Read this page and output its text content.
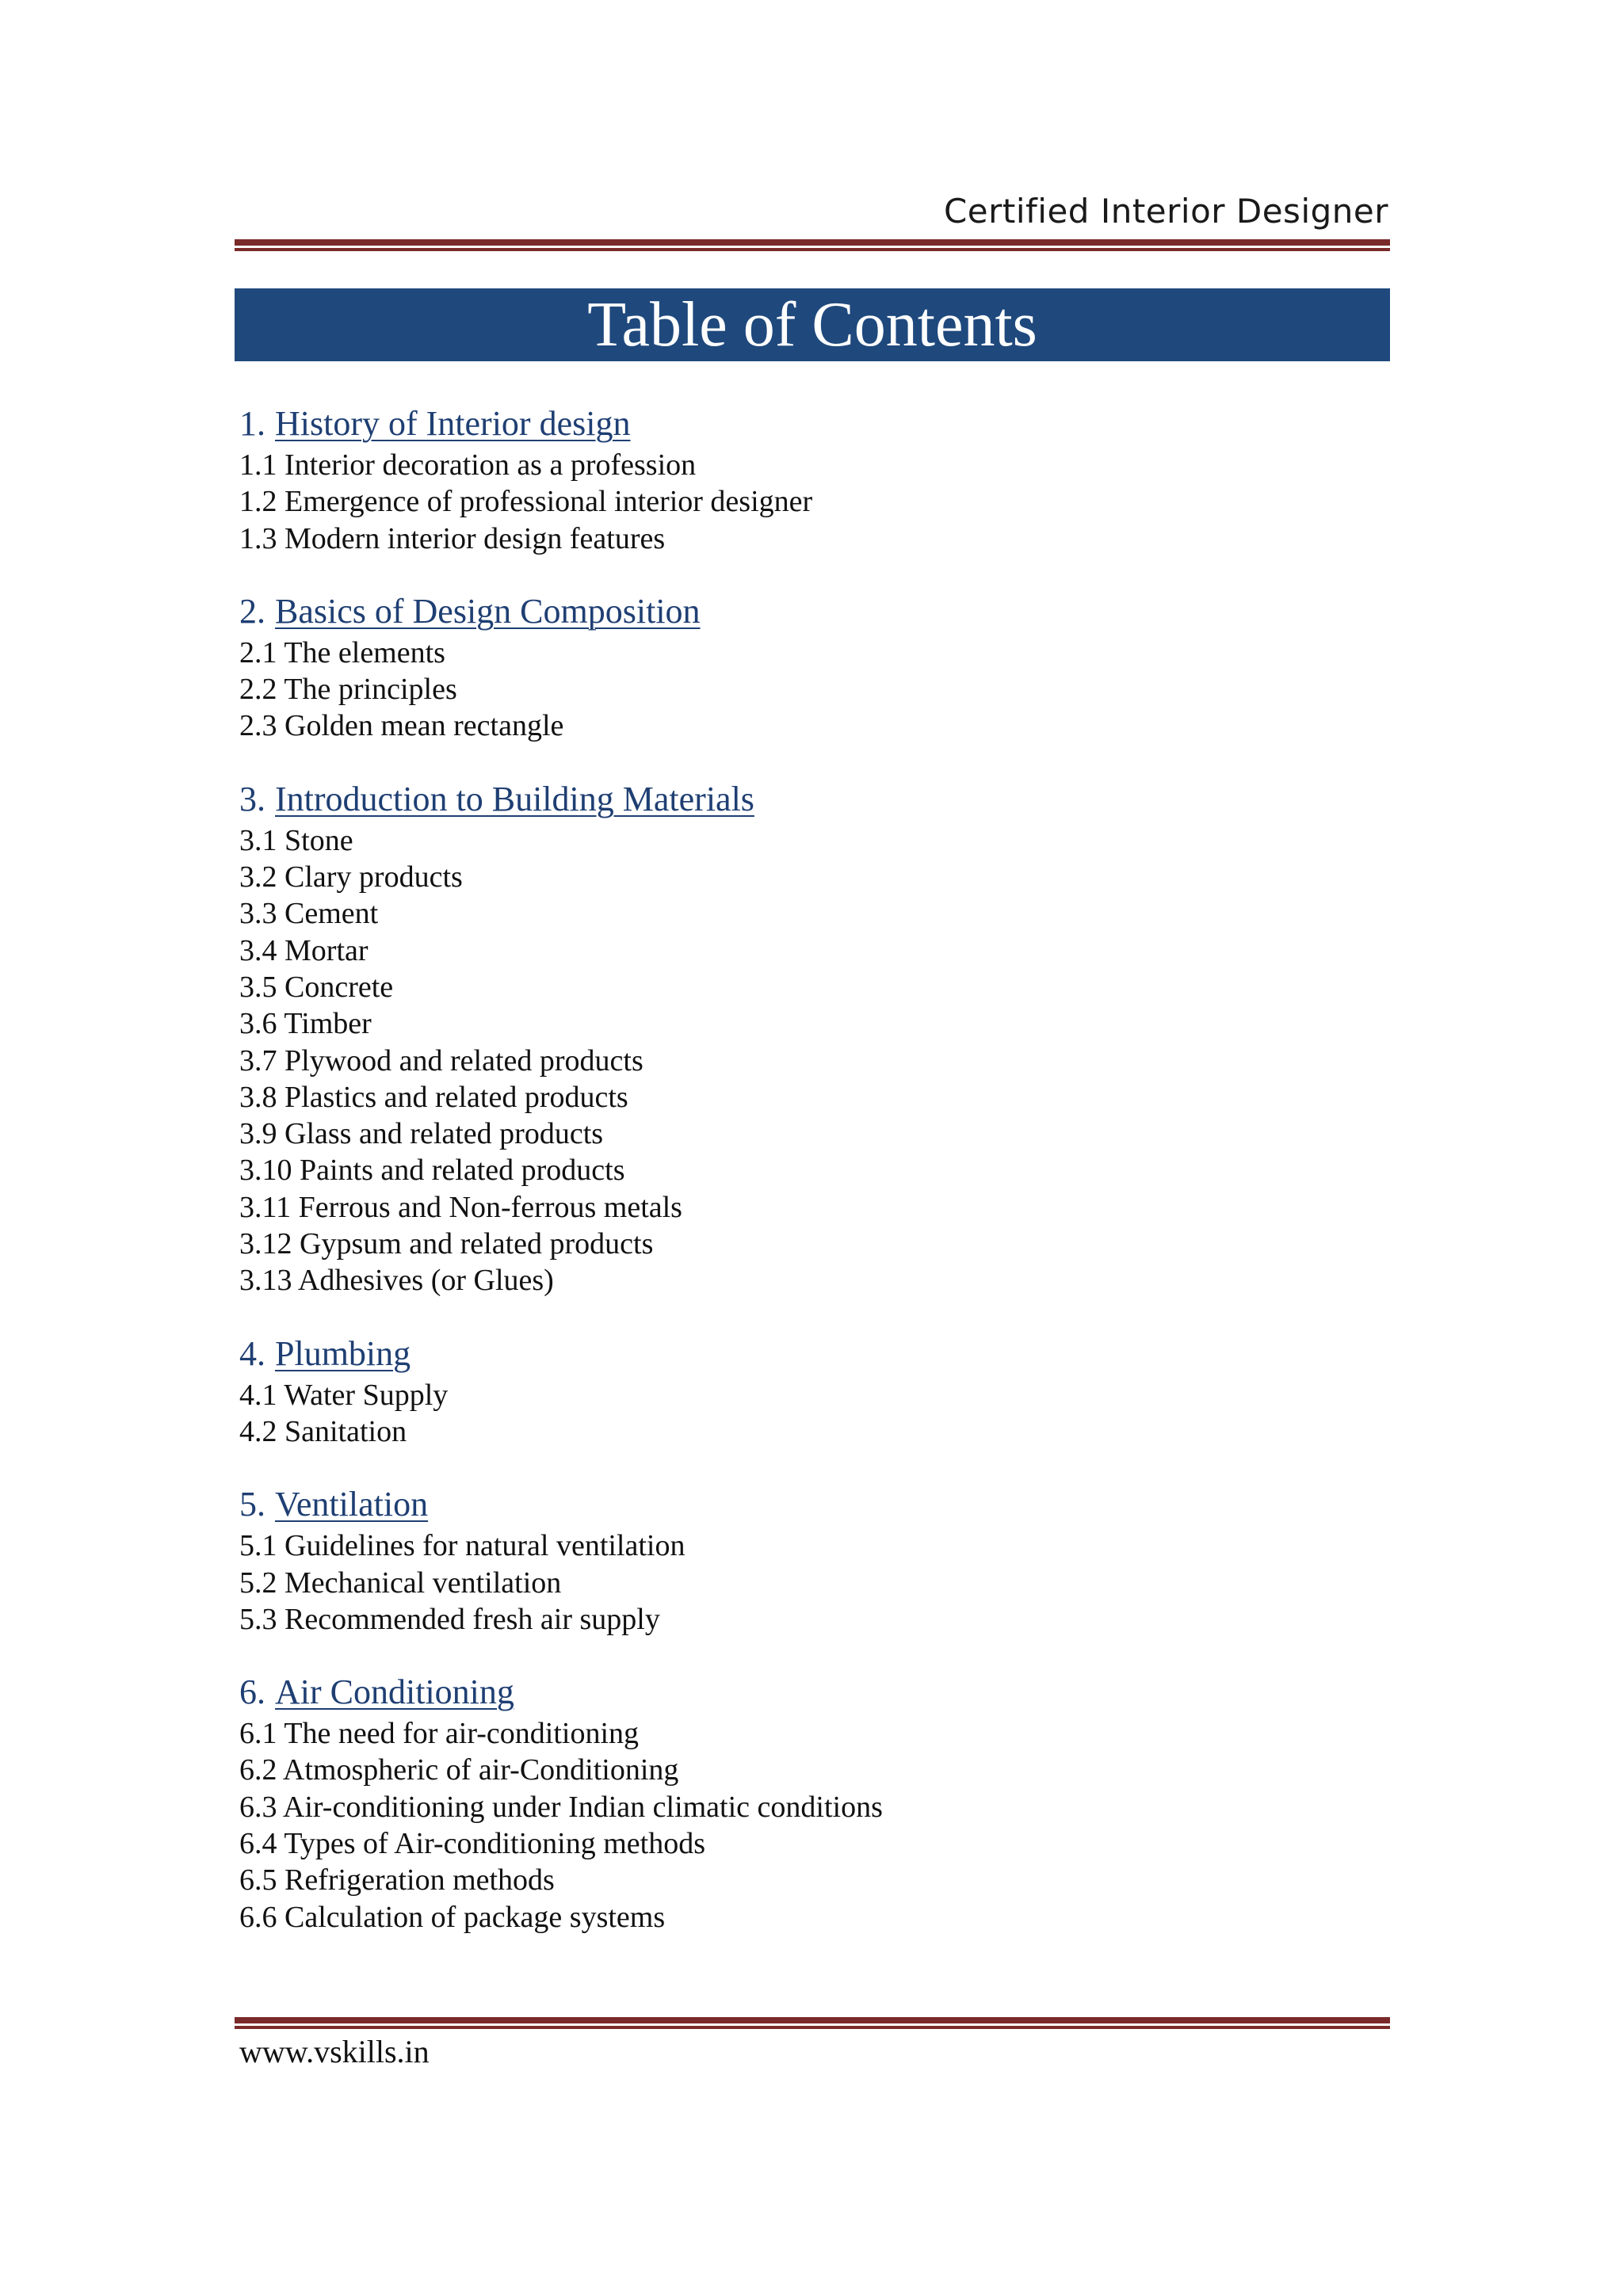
Certified Interior Designer
Table of Contents
1. History of Interior design
1.1 Interior decoration as a profession
1.2 Emergence of professional interior designer
1.3 Modern interior design features
2. Basics of Design Composition
2.1 The elements
2.2 The principles
2.3 Golden mean rectangle
3. Introduction to Building Materials
3.1 Stone
3.2 Clary products
3.3 Cement
3.4 Mortar
3.5 Concrete
3.6 Timber
3.7 Plywood and related products
3.8 Plastics and related products
3.9 Glass and related products
3.10 Paints and related products
3.11 Ferrous and Non-ferrous metals
3.12 Gypsum and related products
3.13 Adhesives (or Glues)
4. Plumbing
4.1 Water Supply
4.2 Sanitation
5. Ventilation
5.1 Guidelines for natural ventilation
5.2 Mechanical ventilation
5.3 Recommended fresh air supply
6. Air Conditioning
6.1 The need for air-conditioning
6.2 Atmospheric of air-Conditioning
6.3 Air-conditioning under Indian climatic conditions
6.4 Types of Air-conditioning methods
6.5 Refrigeration methods
6.6 Calculation of package systems
www.vskills.in
